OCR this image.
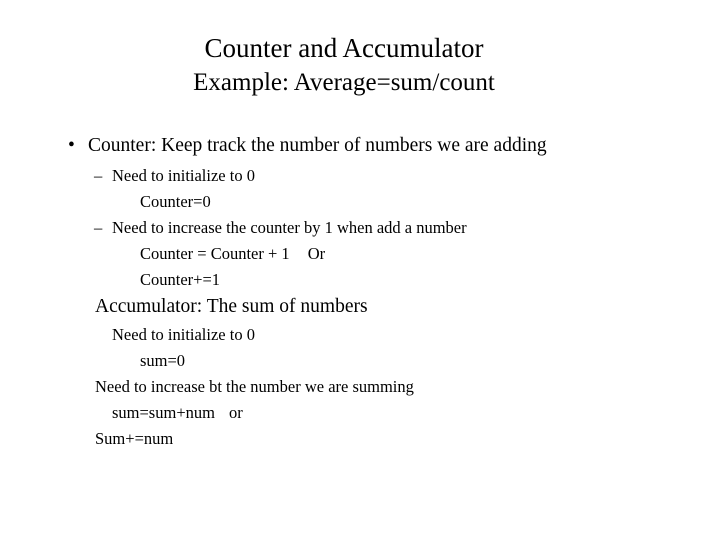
Counter and Accumulator
Example: Average=sum/count
• Counter: Keep track the number of numbers we are adding
– Need to initialize to 0
Counter=0
– Need to increase the counter by 1 when add a number
Counter = Counter + 1 Or
Counter+=1
Accumulator: The sum of numbers
Need to initialize to 0
sum=0
Need to increase bt the number we are summing
sum=sum+num or
Sum+=num
